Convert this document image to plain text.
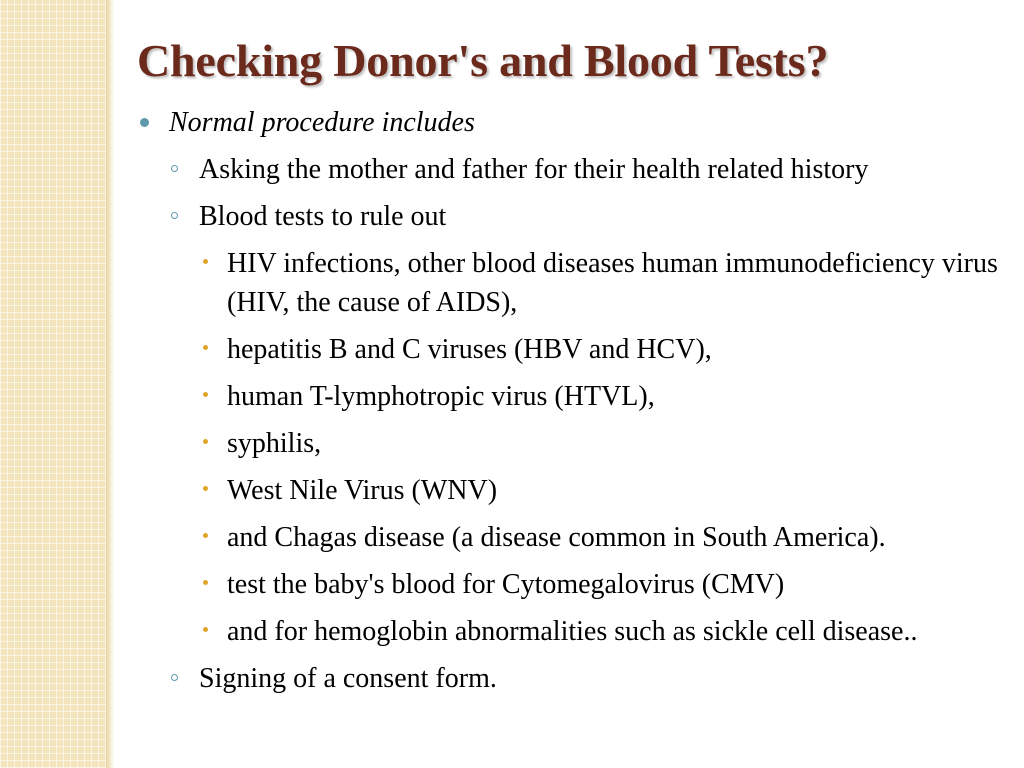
Checking Donor's and Blood Tests?
Normal procedure includes
Asking the mother and father for their health related history
Blood tests to rule out
HIV infections, other blood diseases human immunodeficiency virus (HIV, the cause of AIDS),
hepatitis B and C viruses (HBV and HCV),
human T-lymphotropic virus (HTVL),
syphilis,
West Nile Virus (WNV)
and Chagas disease (a disease common in South America).
test the baby's blood for Cytomegalovirus (CMV)
and for hemoglobin abnormalities such as sickle cell disease..
Signing of a consent form.
